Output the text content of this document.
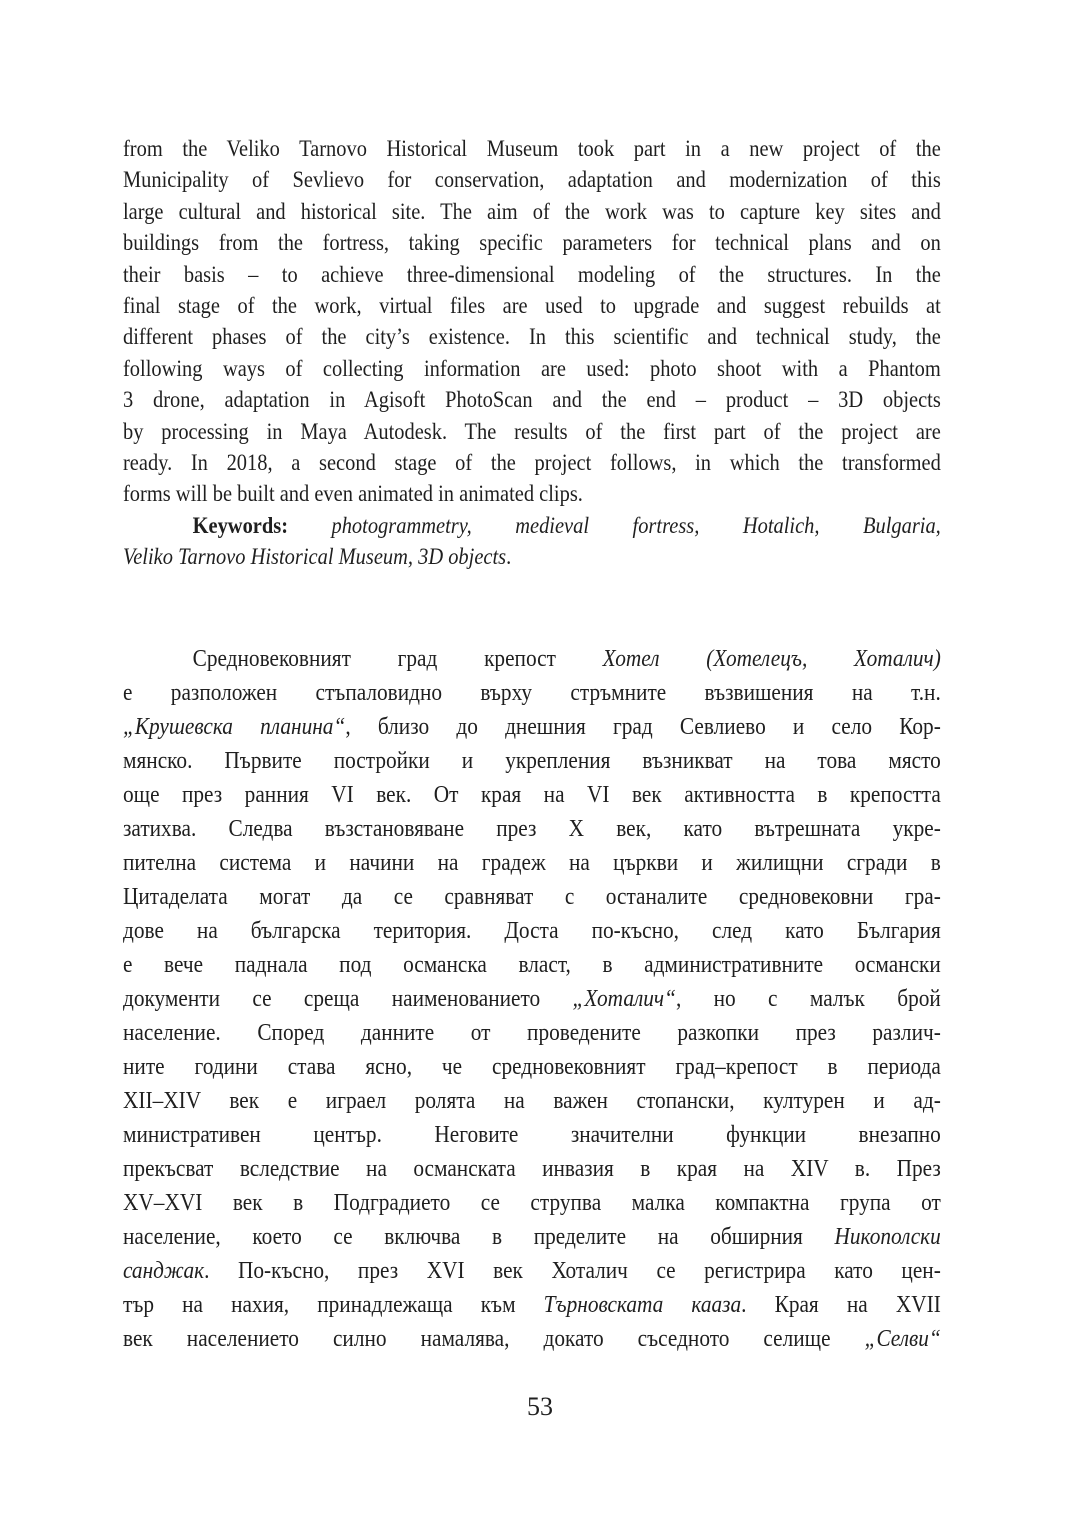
from the Veliko Tarnovo Historical Museum took part in a new project of the
Municipality of Sevlievo for conservation, adaptation and modernization of this
large cultural and historical site. The aim of the work was to capture key sites and
buildings from the fortress, taking specific parameters for technical plans and on
their basis – to achieve three-dimensional modeling of the structures. In the
final stage of the work, virtual files are used to upgrade and suggest rebuilds at
different phases of the city’s existence. In this scientific and technical study, the
following ways of collecting information are used: photo shoot with a Phantom
3 drone, adaptation in Agisoft PhotoScan and the end – product – 3D objects
by processing in Maya Autodesk. The results of the first part of the project are
ready. In 2018, a second stage of the project follows, in which the transformed
forms will be built and even animated in animated clips.
Keywords: photogrammetry, medieval fortress, Hotalich, Bulgaria,
Veliko Tarnovo Historical Museum, 3D objects.
Средновековният град крепост Хотел (Хотелецъ, Хоталич)
е разположен стъпаловидно върху стръмните възвишения на т.н.
„Крушевска планина“, близо до днешния град Севлиево и село Кор-
мянско. Първите постройки и укрепления възникват на това място
още през ранния VI век. От края на VI век активността в крепостта
затихва. Следва възстановяване през X век, като вътрешната укре-
пителна система и начини на градеж на църкви и жилищни сгради в
Цитаделата могат да се сравняват с останалите средновековни гра-
дове на българска територия. Доста по-късно, след като България
е вече паднала под османска власт, в административните османски
документи се среща наименованието „Хоталич“, но с малък брой
население. Според данните от проведените разкопки през различ-
ните години става ясно, че средновековният град–крепост в периода
XII–XIV век е играел ролята на важен стопански, културен и ад-
министративен център. Неговите значителни функции внезапно
прекъсват вследствие на османската инвазия в края на XIV в. През
XV–XVI век в Подградието се струпва малка компактна група от
население, което се включва в пределите на обширния Никополски
санджак. По-късно, през XVI век Хоталич се регистрира като цен-
тър на нахия, принадлежаща към Търновската кааза. Края на XVII
век населението силно намалява, докато съседното селище „Селви“
53
